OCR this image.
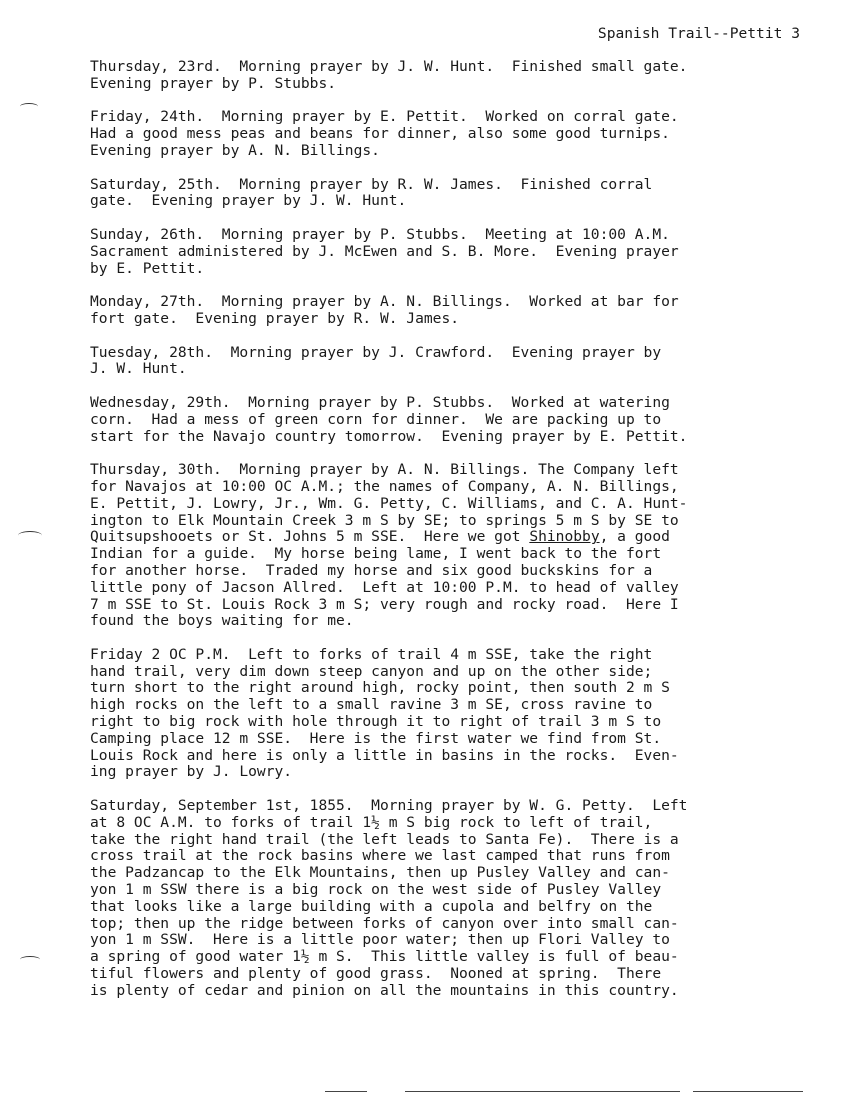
Spanish Trail--Pettit 3
Thursday, 23rd.  Morning prayer by J. W. Hunt.  Finished small gate.
Evening prayer by P. Stubbs.
Friday, 24th.  Morning prayer by E. Pettit.  Worked on corral gate.
Had a good mess peas and beans for dinner, also some good turnips.
Evening prayer by A. N. Billings.
Saturday, 25th.  Morning prayer by R. W. James.  Finished corral
gate.  Evening prayer by J. W. Hunt.
Sunday, 26th.  Morning prayer by P. Stubbs.  Meeting at 10:00 A.M.
Sacrament administered by J. McEwen and S. B. More.  Evening prayer
by E. Pettit.
Monday, 27th.  Morning prayer by A. N. Billings.  Worked at bar for
fort gate.  Evening prayer by R. W. James.
Tuesday, 28th.  Morning prayer by J. Crawford.  Evening prayer by
J. W. Hunt.
Wednesday, 29th.  Morning prayer by P. Stubbs.  Worked at watering
corn.  Had a mess of green corn for dinner.  We are packing up to
start for the Navajo country tomorrow.  Evening prayer by E. Pettit.
Thursday, 30th.  Morning prayer by A. N. Billings. The Company left
for Navajos at 10:00 OC A.M.; the names of Company, A. N. Billings,
E. Pettit, J. Lowry, Jr., Wm. G. Petty, C. Williams, and C. A. Hunt-
ington to Elk Mountain Creek 3 m S by SE; to springs 5 m S by SE to
Quitsupshooets or St. Johns 5 m SSE.  Here we got Shinobby, a good
Indian for a guide.  My horse being lame, I went back to the fort
for another horse.  Traded my horse and six good buckskins for a
little pony of Jacson Allred.  Left at 10:00 P.M. to head of valley
7 m SSE to St. Louis Rock 3 m S; very rough and rocky road.  Here I
found the boys waiting for me.
Friday 2 OC P.M.  Left to forks of trail 4 m SSE, take the right
hand trail, very dim down steep canyon and up on the other side;
turn short to the right around high, rocky point, then south 2 m S
high rocks on the left to a small ravine 3 m SE, cross ravine to
right to big rock with hole through it to right of trail 3 m S to
Camping place 12 m SSE.  Here is the first water we find from St.
Louis Rock and here is only a little in basins in the rocks.  Even-
ing prayer by J. Lowry.
Saturday, September 1st, 1855.  Morning prayer by W. G. Petty.  Left
at 8 OC A.M. to forks of trail 1½ m S big rock to left of trail,
take the right hand trail (the left leads to Santa Fe).  There is a
cross trail at the rock basins where we last camped that runs from
the Padzancap to the Elk Mountains, then up Pusley Valley and can-
yon 1 m SSW there is a big rock on the west side of Pusley Valley
that looks like a large building with a cupola and belfry on the
top; then up the ridge between forks of canyon over into small can-
yon 1 m SSW.  Here is a little poor water; then up Flori Valley to
a spring of good water 1½ m S.  This little valley is full of beau-
tiful flowers and plenty of good grass.  Nooned at spring.  There
is plenty of cedar and pinion on all the mountains in this country.
